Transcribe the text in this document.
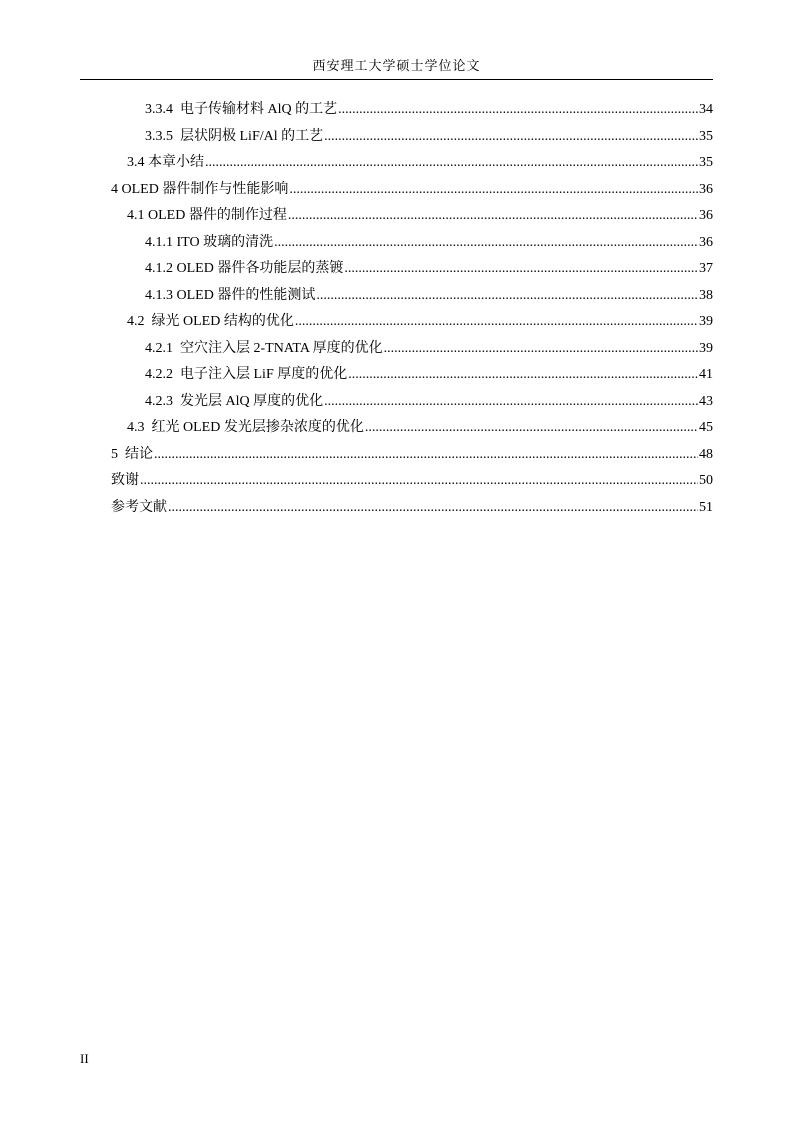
西安理工大学硕士学位论文
3.3.4  电子传输材料 AlQ 的工艺 .....	34
3.3.5  层状阴极 LiF/Al 的工艺 .....	35
3.4 本章小结 .....	35
4 OLED 器件制作与性能影响 .....	36
4.1 OLED 器件的制作过程 .....	36
4.1.1 ITO 玻璃的清洗 .....	36
4.1.2 OLED 器件各功能层的蒸镀 .....	37
4.1.3 OLED 器件的性能测试 .....	38
4.2  绿光 OLED 结构的优化 .....	39
4.2.1  空穴注入层 2-TNATA 厚度的优化 .....	39
4.2.2  电子注入层 LiF 厚度的优化 .....	41
4.2.3  发光层 AlQ 厚度的优化 .....	43
4.3  红光 OLED 发光层掺杂浓度的优化 .....	45
5  结论 .....	48
致谢 .....	50
参考文献 .....	51
II
